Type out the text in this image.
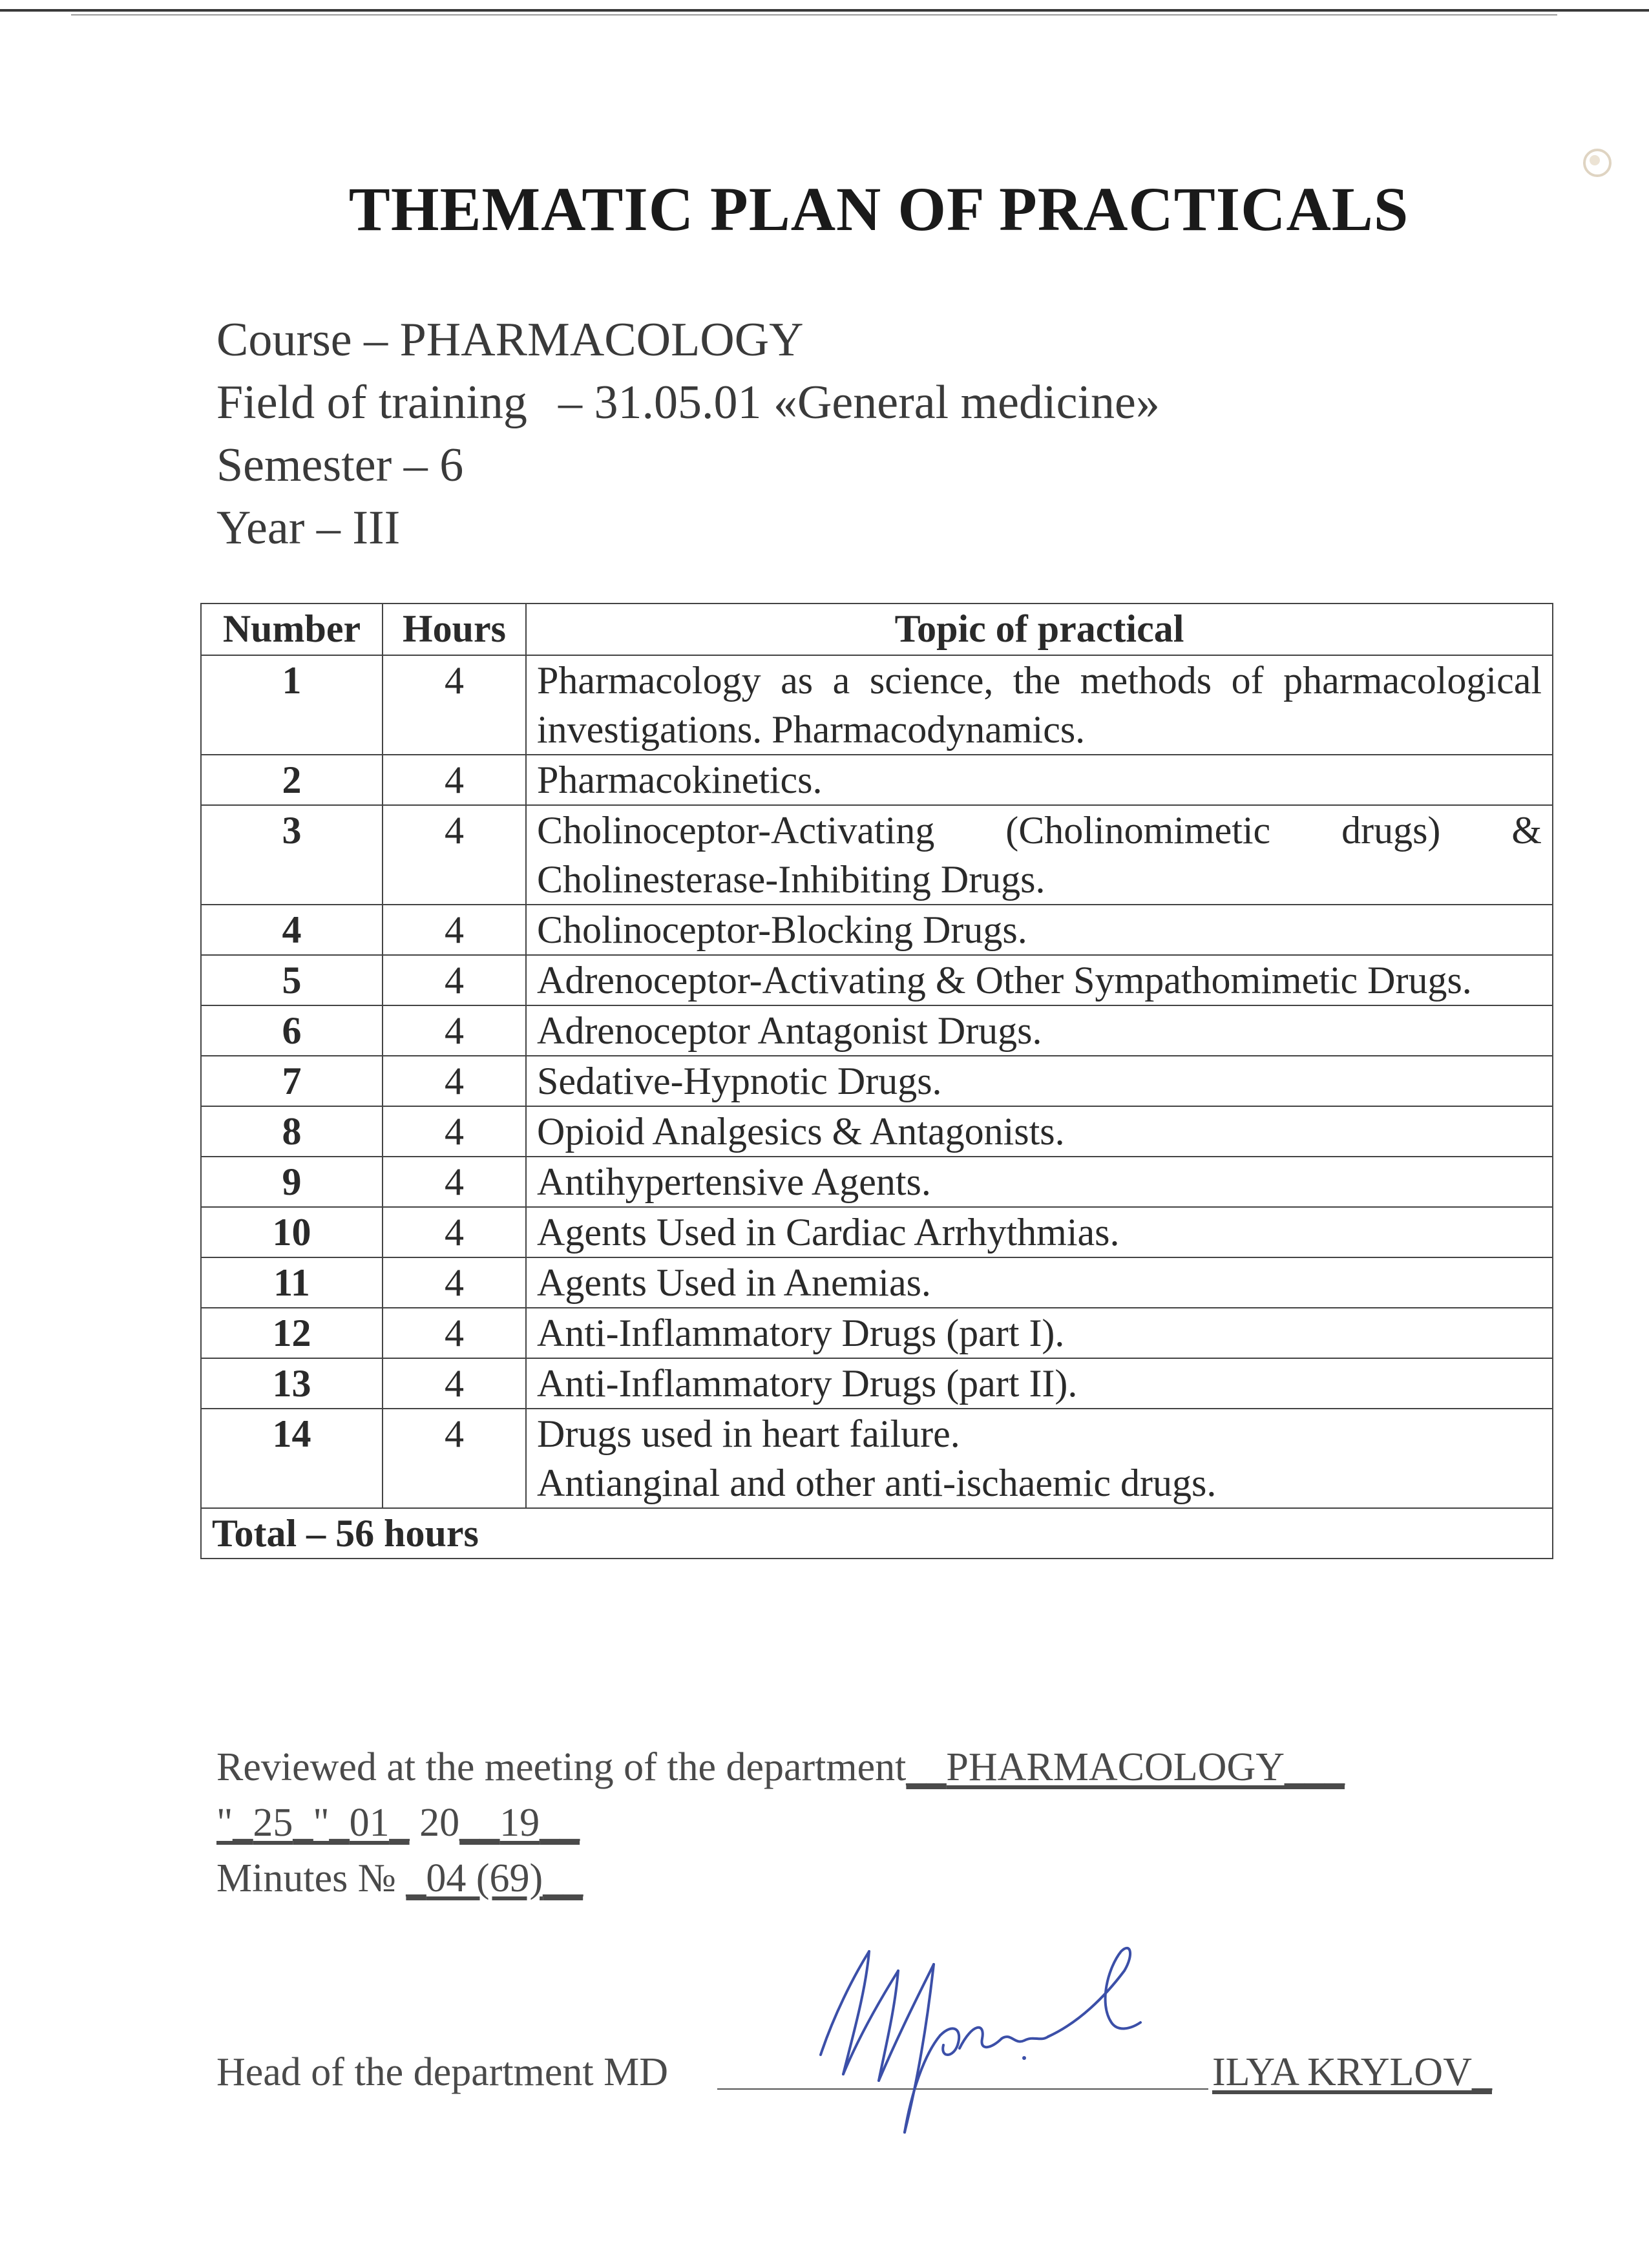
THEMATIC PLAN OF PRACTICALS
Course – PHARMACOLOGY
Field of training – 31.05.01 «General medicine»
Semester – 6
Year – III
Number	Hours	Topic of practical
1	4	Pharmacology as a science, the methods of pharmacological investigations. Pharmacodynamics.
2	4	Pharmacokinetics.
3	4	Cholinoceptor-Activating (Cholinomimetic drugs) & Cholinesterase-Inhibiting Drugs.
4	4	Cholinoceptor-Blocking Drugs.
5	4	Adrenoceptor-Activating & Other Sympathomimetic Drugs.
6	4	Adrenoceptor Antagonist Drugs.
7	4	Sedative-Hypnotic Drugs.
8	4	Opioid Analgesics & Antagonists.
9	4	Antihypertensive Agents.
10	4	Agents Used in Cardiac Arrhythmias.
11	4	Agents Used in Anemias.
12	4	Anti-Inflammatory Drugs (part I).
13	4	Anti-Inflammatory Drugs (part II).
14	4	Drugs used in heart failure.
Antianginal and other anti-ischaemic drugs.

Total – 56 hours		
Reviewed at the meeting of the department__PHARMACOLOGY___
"_25_"_01_ 20__19__
Minutes № _04 (69)__
Head of the department MD	ILYA KRYLOV_
